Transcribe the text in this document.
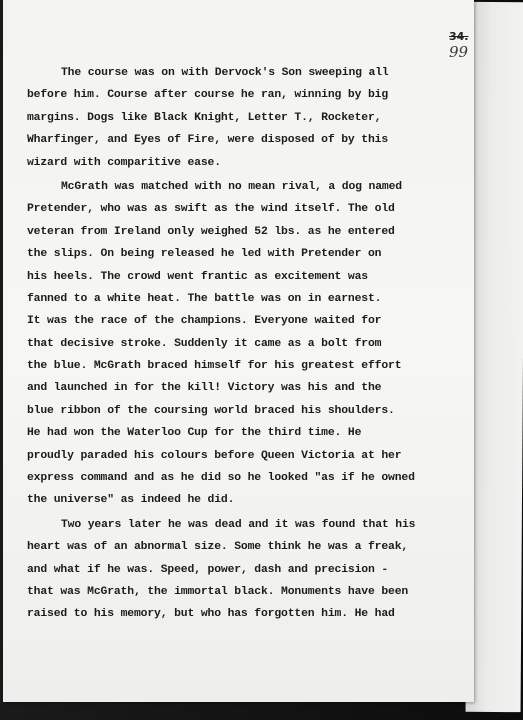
34.
99
The course was on with Dervock's Son sweeping all
before him. Course after course he ran, winning by big
margins. Dogs like Black Knight, Letter T., Rocketer,
Wharfinger, and Eyes of Fire, were disposed of by this
wizard with comparitive ease.
McGrath was matched with no mean rival, a dog named
Pretender, who was as swift as the wind itself. The old
veteran from Ireland only weighed 52 lbs. as he entered
the slips. On being released he led with Pretender on
his heels. The crowd went frantic as excitement was
fanned to a white heat. The battle was on in earnest.
It was the race of the champions. Everyone waited for
that decisive stroke. Suddenly it came as a bolt from
the blue. McGrath braced himself for his greatest effort
and launched in for the kill! Victory was his and the
blue ribbon of the coursing world braced his shoulders.
He had won the Waterloo Cup for the third time. He
proudly paraded his colours before Queen Victoria at her
express command and as he did so he looked "as if he owned
the universe" as indeed he did.
Two years later he was dead and it was found that his
heart was of an abnormal size. Some think he was a freak,
and what if he was. Speed, power, dash and precision -
that was McGrath, the immortal black. Monuments have been
raised to his memory, but who has forgotten him. He had
